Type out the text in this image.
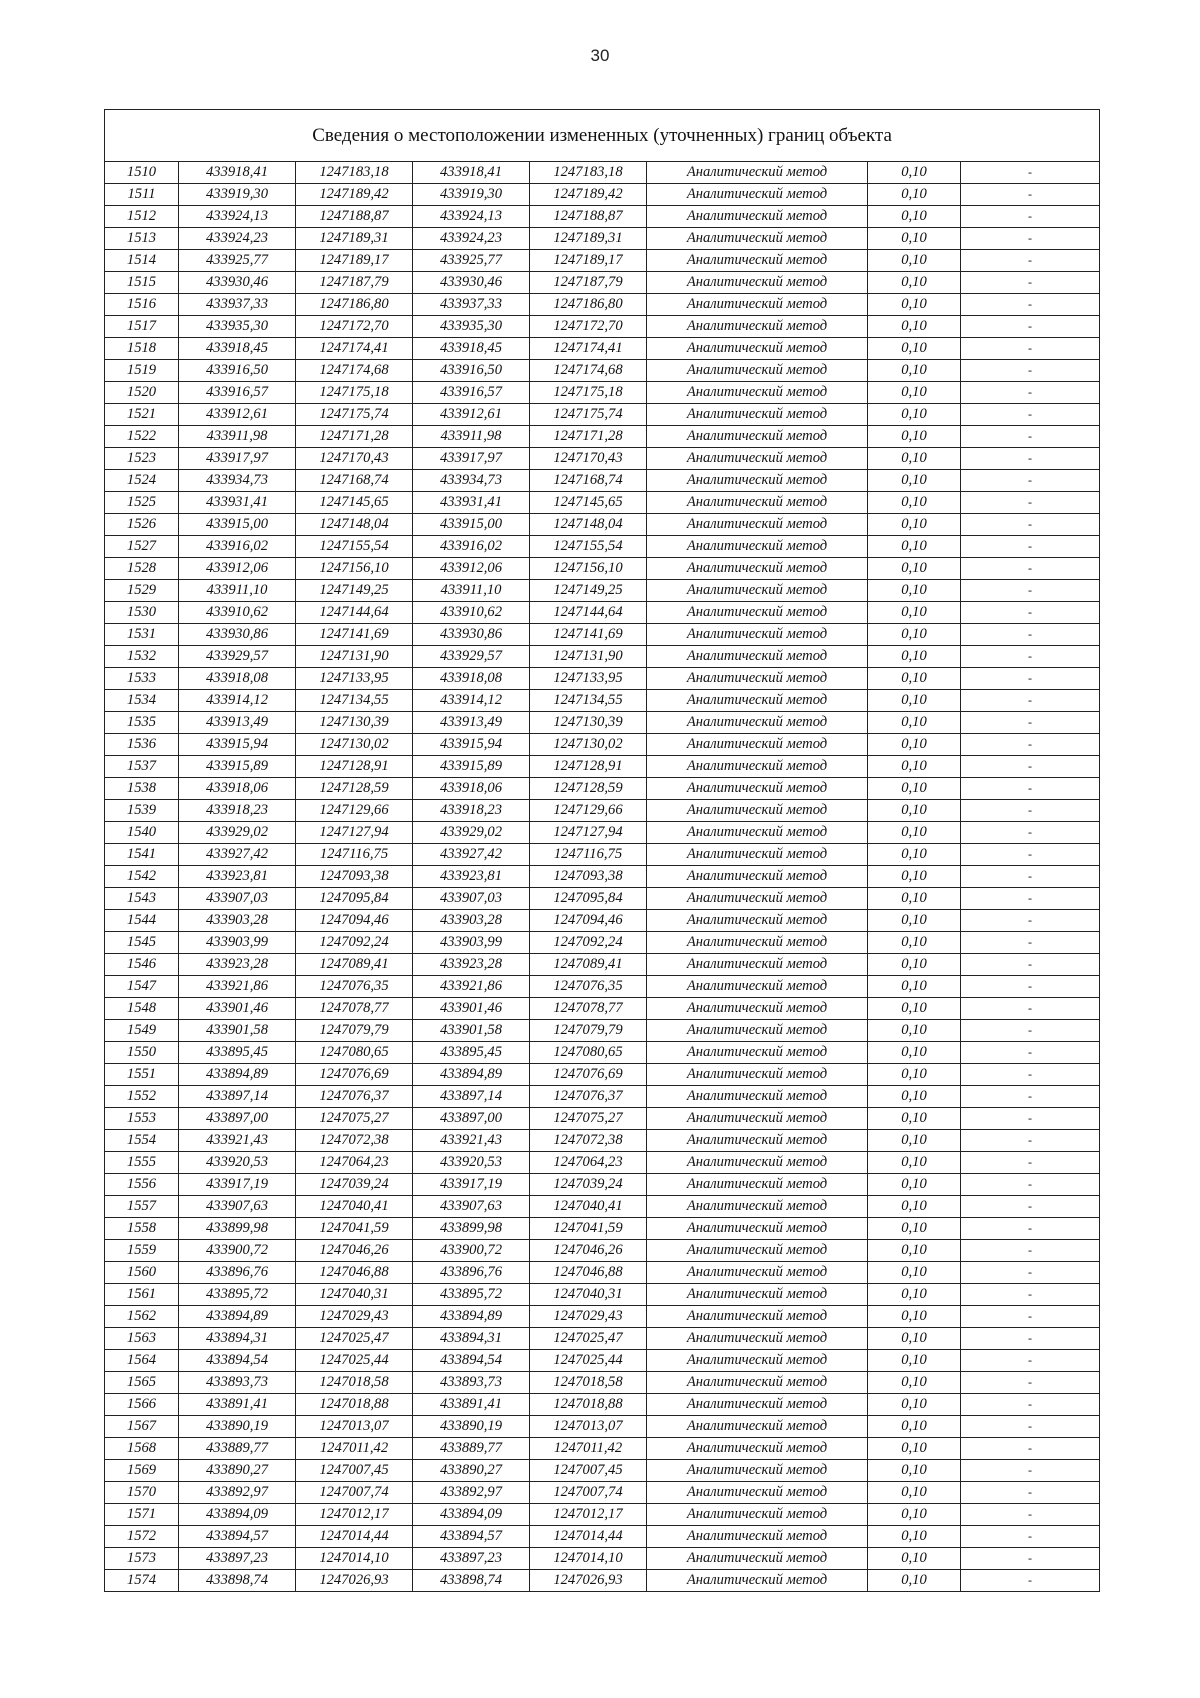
30
Сведения о местоположении измененных (уточненных) границ объекта							
1510	433918,41	1247183,18	433918,41	1247183,18	Аналитический метод	0,10	-
1511	433919,30	1247189,42	433919,30	1247189,42	Аналитический метод	0,10	-
1512	433924,13	1247188,87	433924,13	1247188,87	Аналитический метод	0,10	-
1513	433924,23	1247189,31	433924,23	1247189,31	Аналитический метод	0,10	-
1514	433925,77	1247189,17	433925,77	1247189,17	Аналитический метод	0,10	-
1515	433930,46	1247187,79	433930,46	1247187,79	Аналитический метод	0,10	-
1516	433937,33	1247186,80	433937,33	1247186,80	Аналитический метод	0,10	-
1517	433935,30	1247172,70	433935,30	1247172,70	Аналитический метод	0,10	-
1518	433918,45	1247174,41	433918,45	1247174,41	Аналитический метод	0,10	-
1519	433916,50	1247174,68	433916,50	1247174,68	Аналитический метод	0,10	-
1520	433916,57	1247175,18	433916,57	1247175,18	Аналитический метод	0,10	-
1521	433912,61	1247175,74	433912,61	1247175,74	Аналитический метод	0,10	-
1522	433911,98	1247171,28	433911,98	1247171,28	Аналитический метод	0,10	-
1523	433917,97	1247170,43	433917,97	1247170,43	Аналитический метод	0,10	-
1524	433934,73	1247168,74	433934,73	1247168,74	Аналитический метод	0,10	-
1525	433931,41	1247145,65	433931,41	1247145,65	Аналитический метод	0,10	-
1526	433915,00	1247148,04	433915,00	1247148,04	Аналитический метод	0,10	-
1527	433916,02	1247155,54	433916,02	1247155,54	Аналитический метод	0,10	-
1528	433912,06	1247156,10	433912,06	1247156,10	Аналитический метод	0,10	-
1529	433911,10	1247149,25	433911,10	1247149,25	Аналитический метод	0,10	-
1530	433910,62	1247144,64	433910,62	1247144,64	Аналитический метод	0,10	-
1531	433930,86	1247141,69	433930,86	1247141,69	Аналитический метод	0,10	-
1532	433929,57	1247131,90	433929,57	1247131,90	Аналитический метод	0,10	-
1533	433918,08	1247133,95	433918,08	1247133,95	Аналитический метод	0,10	-
1534	433914,12	1247134,55	433914,12	1247134,55	Аналитический метод	0,10	-
1535	433913,49	1247130,39	433913,49	1247130,39	Аналитический метод	0,10	-
1536	433915,94	1247130,02	433915,94	1247130,02	Аналитический метод	0,10	-
1537	433915,89	1247128,91	433915,89	1247128,91	Аналитический метод	0,10	-
1538	433918,06	1247128,59	433918,06	1247128,59	Аналитический метод	0,10	-
1539	433918,23	1247129,66	433918,23	1247129,66	Аналитический метод	0,10	-
1540	433929,02	1247127,94	433929,02	1247127,94	Аналитический метод	0,10	-
1541	433927,42	1247116,75	433927,42	1247116,75	Аналитический метод	0,10	-
1542	433923,81	1247093,38	433923,81	1247093,38	Аналитический метод	0,10	-
1543	433907,03	1247095,84	433907,03	1247095,84	Аналитический метод	0,10	-
1544	433903,28	1247094,46	433903,28	1247094,46	Аналитический метод	0,10	-
1545	433903,99	1247092,24	433903,99	1247092,24	Аналитический метод	0,10	-
1546	433923,28	1247089,41	433923,28	1247089,41	Аналитический метод	0,10	-
1547	433921,86	1247076,35	433921,86	1247076,35	Аналитический метод	0,10	-
1548	433901,46	1247078,77	433901,46	1247078,77	Аналитический метод	0,10	-
1549	433901,58	1247079,79	433901,58	1247079,79	Аналитический метод	0,10	-
1550	433895,45	1247080,65	433895,45	1247080,65	Аналитический метод	0,10	-
1551	433894,89	1247076,69	433894,89	1247076,69	Аналитический метод	0,10	-
1552	433897,14	1247076,37	433897,14	1247076,37	Аналитический метод	0,10	-
1553	433897,00	1247075,27	433897,00	1247075,27	Аналитический метод	0,10	-
1554	433921,43	1247072,38	433921,43	1247072,38	Аналитический метод	0,10	-
1555	433920,53	1247064,23	433920,53	1247064,23	Аналитический метод	0,10	-
1556	433917,19	1247039,24	433917,19	1247039,24	Аналитический метод	0,10	-
1557	433907,63	1247040,41	433907,63	1247040,41	Аналитический метод	0,10	-
1558	433899,98	1247041,59	433899,98	1247041,59	Аналитический метод	0,10	-
1559	433900,72	1247046,26	433900,72	1247046,26	Аналитический метод	0,10	-
1560	433896,76	1247046,88	433896,76	1247046,88	Аналитический метод	0,10	-
1561	433895,72	1247040,31	433895,72	1247040,31	Аналитический метод	0,10	-
1562	433894,89	1247029,43	433894,89	1247029,43	Аналитический метод	0,10	-
1563	433894,31	1247025,47	433894,31	1247025,47	Аналитический метод	0,10	-
1564	433894,54	1247025,44	433894,54	1247025,44	Аналитический метод	0,10	-
1565	433893,73	1247018,58	433893,73	1247018,58	Аналитический метод	0,10	-
1566	433891,41	1247018,88	433891,41	1247018,88	Аналитический метод	0,10	-
1567	433890,19	1247013,07	433890,19	1247013,07	Аналитический метод	0,10	-
1568	433889,77	1247011,42	433889,77	1247011,42	Аналитический метод	0,10	-
1569	433890,27	1247007,45	433890,27	1247007,45	Аналитический метод	0,10	-
1570	433892,97	1247007,74	433892,97	1247007,74	Аналитический метод	0,10	-
1571	433894,09	1247012,17	433894,09	1247012,17	Аналитический метод	0,10	-
1572	433894,57	1247014,44	433894,57	1247014,44	Аналитический метод	0,10	-
1573	433897,23	1247014,10	433897,23	1247014,10	Аналитический метод	0,10	-
1574	433898,74	1247026,93	433898,74	1247026,93	Аналитический метод	0,10	-
